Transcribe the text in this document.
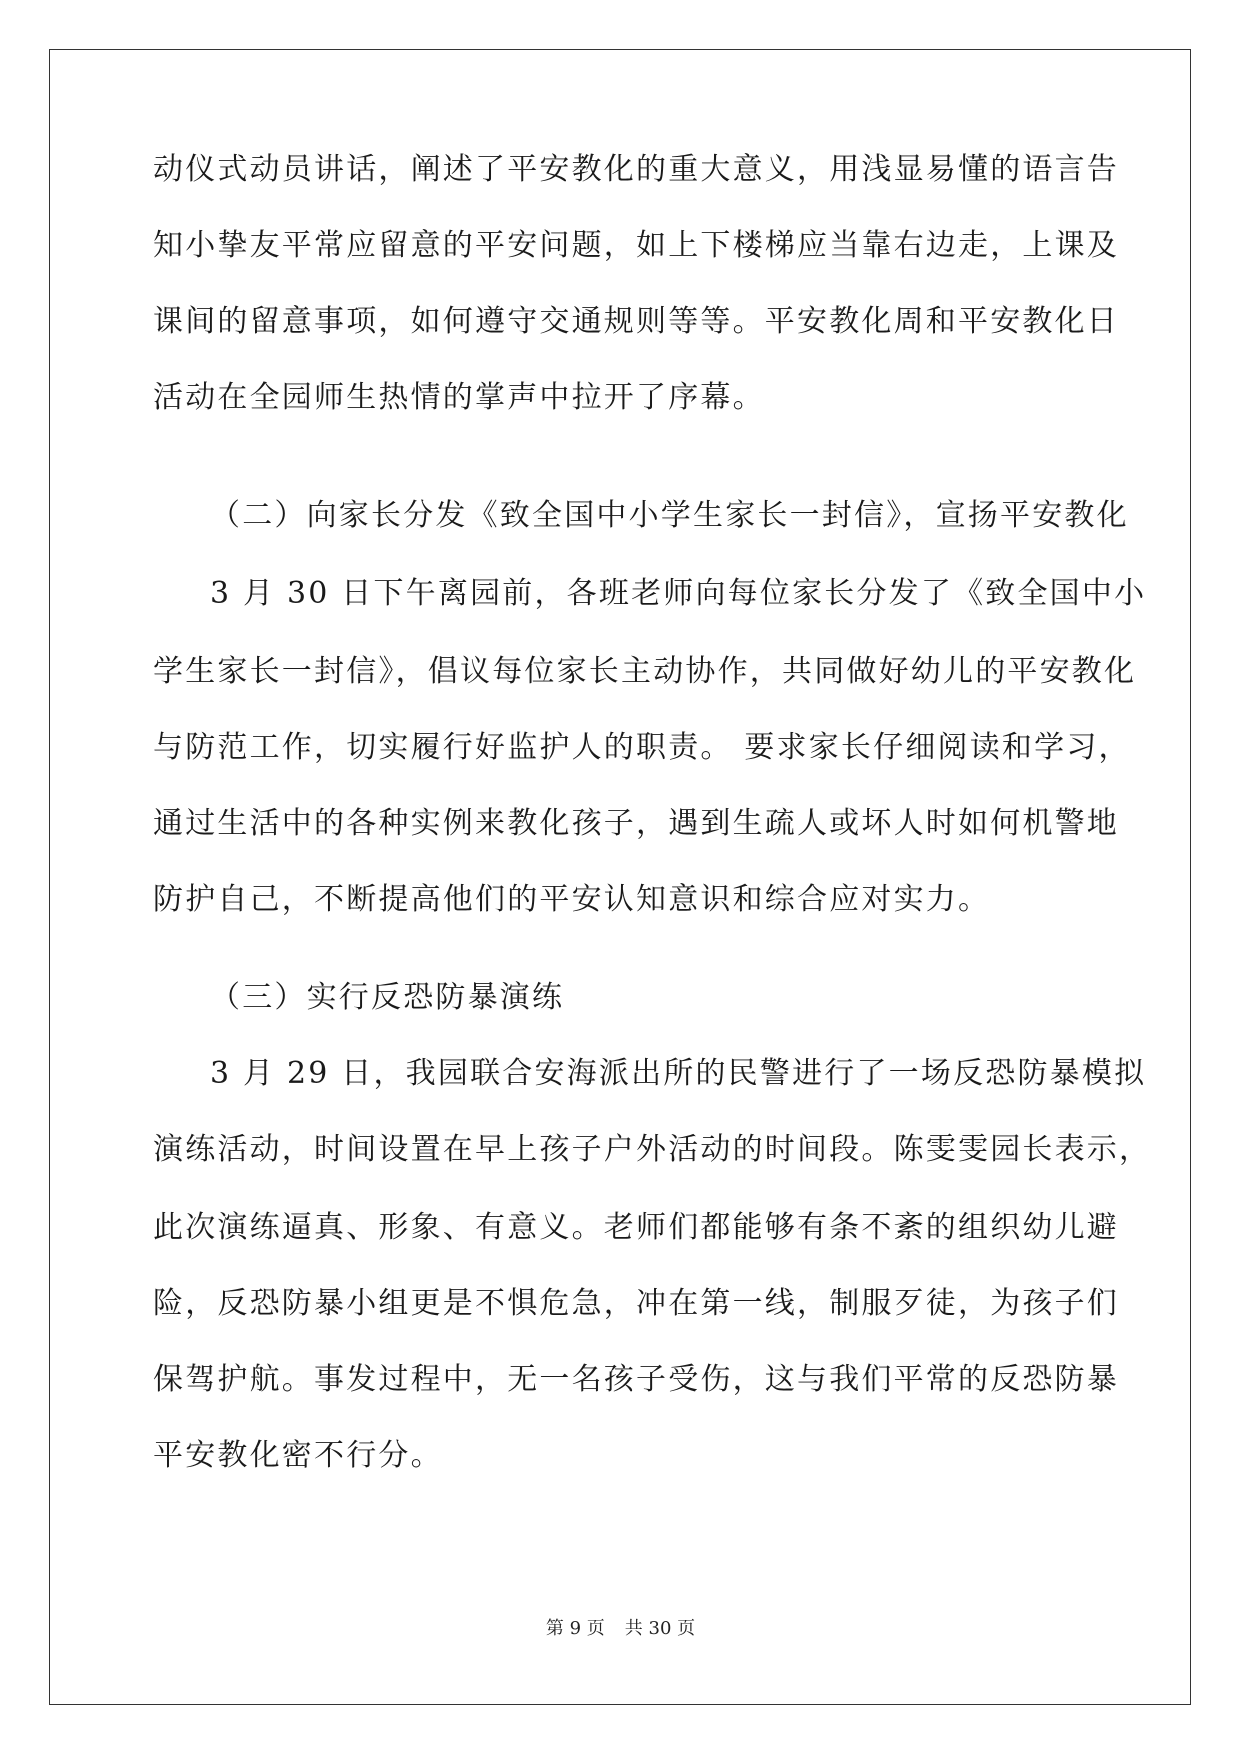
动仪式动员讲话，阐述了平安教化的重大意义，用浅显易懂的语言告
知小挚友平常应留意的平安问题，如上下楼梯应当靠右边走，上课及
课间的留意事项，如何遵守交通规则等等。平安教化周和平安教化日
活动在全园师生热情的掌声中拉开了序幕。
（二）向家长分发《致全国中小学生家长一封信》，宣扬平安教化
3 月 30 日下午离园前，各班老师向每位家长分发了《致全国中小
学生家长一封信》，倡议每位家长主动协作，共同做好幼儿的平安教化
与防范工作，切实履行好监护人的职责。 要求家长仔细阅读和学习，
通过生活中的各种实例来教化孩子，遇到生疏人或坏人时如何机警地
防护自己，不断提高他们的平安认知意识和综合应对实力。
（三）实行反恐防暴演练
3 月 29 日，我园联合安海派出所的民警进行了一场反恐防暴模拟
演练活动，时间设置在早上孩子户外活动的时间段。陈雯雯园长表示，
此次演练逼真、形象、有意义。老师们都能够有条不紊的组织幼儿避
险，反恐防暴小组更是不惧危急，冲在第一线，制服歹徒，为孩子们
保驾护航。事发过程中，无一名孩子受伤，这与我们平常的反恐防暴
平安教化密不行分。
第 9 页 共 30 页
